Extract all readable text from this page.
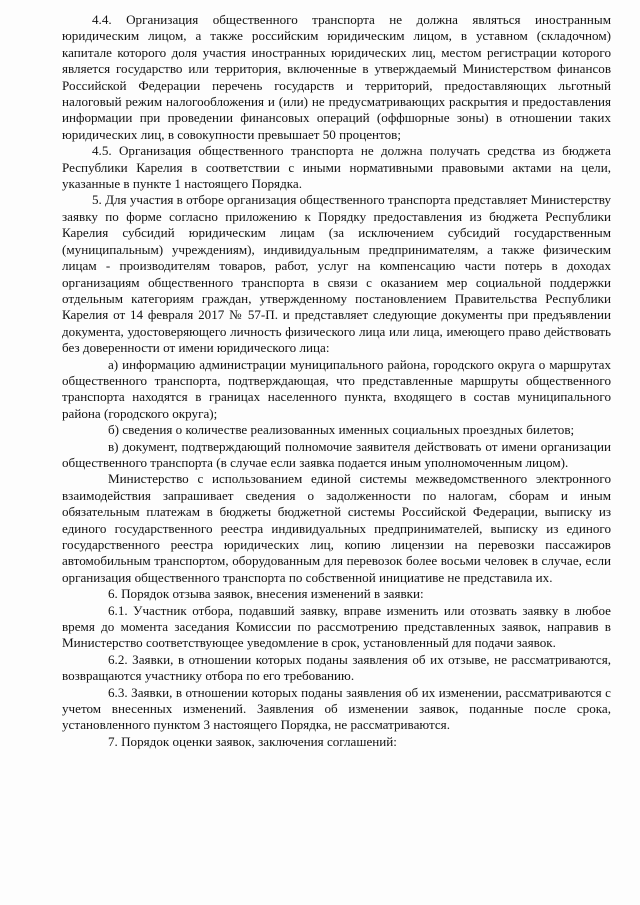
4.4. Организация общественного транспорта не должна являться иностранным юридическим лицом, а также российским юридическим лицом, в уставном (складочном) капитале которого доля участия иностранных юридических лиц, местом регистрации которого является государство или территория, включенные в утверждаемый Министерством финансов Российской Федерации перечень государств и территорий, предоставляющих льготный налоговый режим налогообложения и (или) не предусматривающих раскрытия и предоставления информации при проведении финансовых операций (оффшорные зоны) в отношении таких юридических лиц, в совокупности превышает 50 процентов;

4.5. Организация общественного транспорта не должна получать средства из бюджета Республики Карелия в соответствии с иными нормативными правовыми актами на цели, указанные в пункте 1 настоящего Порядка.

5. Для участия в отборе организация общественного транспорта представляет Министерству заявку по форме согласно приложению к Порядку предоставления из бюджета Республики Карелия субсидий юридическим лицам (за исключением субсидий государственным (муниципальным) учреждениям), индивидуальным предпринимателям, а также физическим лицам - производителям товаров, работ, услуг на компенсацию части потерь в доходах организациям общественного транспорта в связи с оказанием мер социальной поддержки отдельным категориям граждан, утвержденному постановлением Правительства Республики Карелия от 14 февраля 2017 № 57-П. и представляет следующие документы при предъявлении документа, удостоверяющего личность физического лица или лица, имеющего право действовать без доверенности от имени юридического лица:

а) информацию администрации муниципального района, городского округа о маршрутах общественного транспорта, подтверждающая, что представленные маршруты общественного транспорта находятся в границах населенного пункта, входящего в состав муниципального района (городского округа);

б) сведения о количестве реализованных именных социальных проездных билетов;

в) документ, подтверждающий полномочие заявителя действовать от имени организации общественного транспорта (в случае если заявка подается иным уполномоченным лицом).

Министерство с использованием единой системы межведомственного электронного взаимодействия запрашивает сведения о задолженности по налогам, сборам и иным обязательным платежам в бюджеты бюджетной системы Российской Федерации, выписку из единого государственного реестра индивидуальных предпринимателей, выписку из единого государственного реестра юридических лиц, копию лицензии на перевозки пассажиров автомобильным транспортом, оборудованным для перевозок более восьми человек в случае, если организация общественного транспорта по собственной инициативе не представила их.

6. Порядок отзыва заявок, внесения изменений в заявки:

6.1. Участник отбора, подавший заявку, вправе изменить или отозвать заявку в любое время до момента заседания Комиссии по рассмотрению представленных заявок, направив в Министерство соответствующее уведомление в срок, установленный для подачи заявок.

6.2. Заявки, в отношении которых поданы заявления об их отзыве, не рассматриваются, возвращаются участнику отбора по его требованию.

6.3. Заявки, в отношении которых поданы заявления об их изменении, рассматриваются с учетом внесенных изменений. Заявления об изменении заявок, поданные после срока, установленного пунктом 3 настоящего Порядка, не рассматриваются.

7. Порядок оценки заявок, заключения соглашений:
